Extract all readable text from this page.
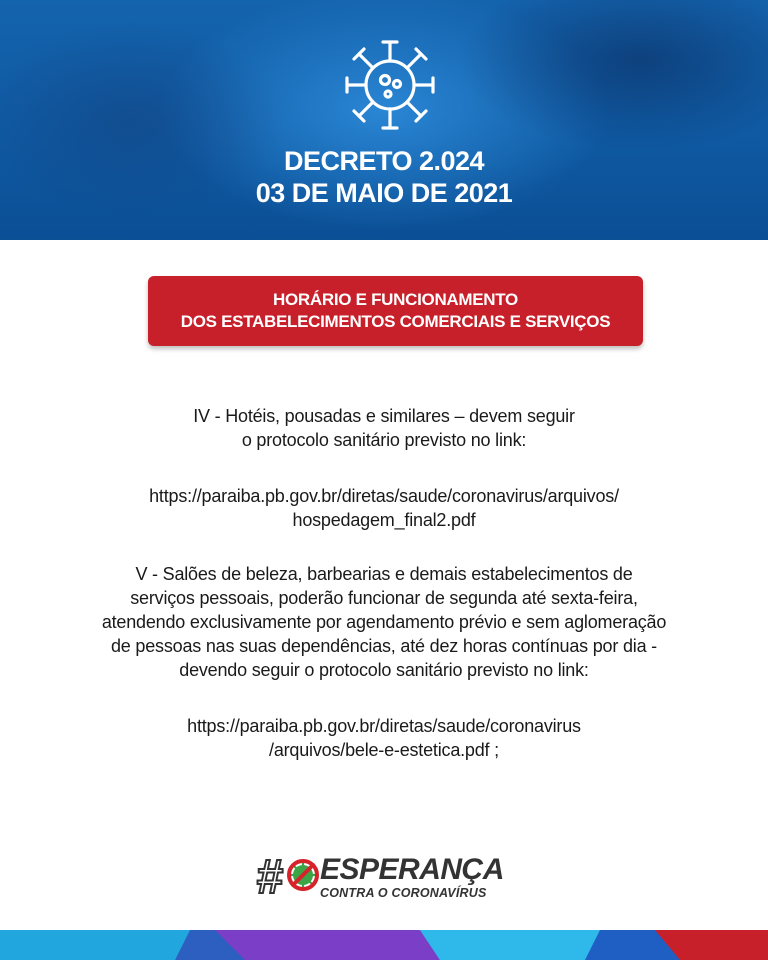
DECRETO 2.024
03 DE MAIO DE 2021
HORÁRIO E FUNCIONAMENTO
DOS ESTABELECIMENTOS COMERCIAIS E SERVIÇOS

IV - Hotéis, pousadas e similares – devem seguir

o protocolo sanitário previsto no link:

https://paraiba.pb.gov.br/diretas/saude/coronavirus/arquivos/

hospedagem_final2.pdf

V - Salões de beleza, barbearias e demais estabelecimentos de

serviços pessoais, poderão funcionar de segunda até sexta-feira,

atendendo exclusivamente por agendamento prévio e sem aglomeração

de pessoas nas suas dependências, até dez horas contínuas por dia -

devendo seguir o protocolo sanitário previsto no link:

https://paraiba.pb.gov.br/diretas/saude/coronavirus

/arquivos/bele-e-estetica.pdf ;

# ESPERANÇA
CONTRA O CORONAVÍRUS
